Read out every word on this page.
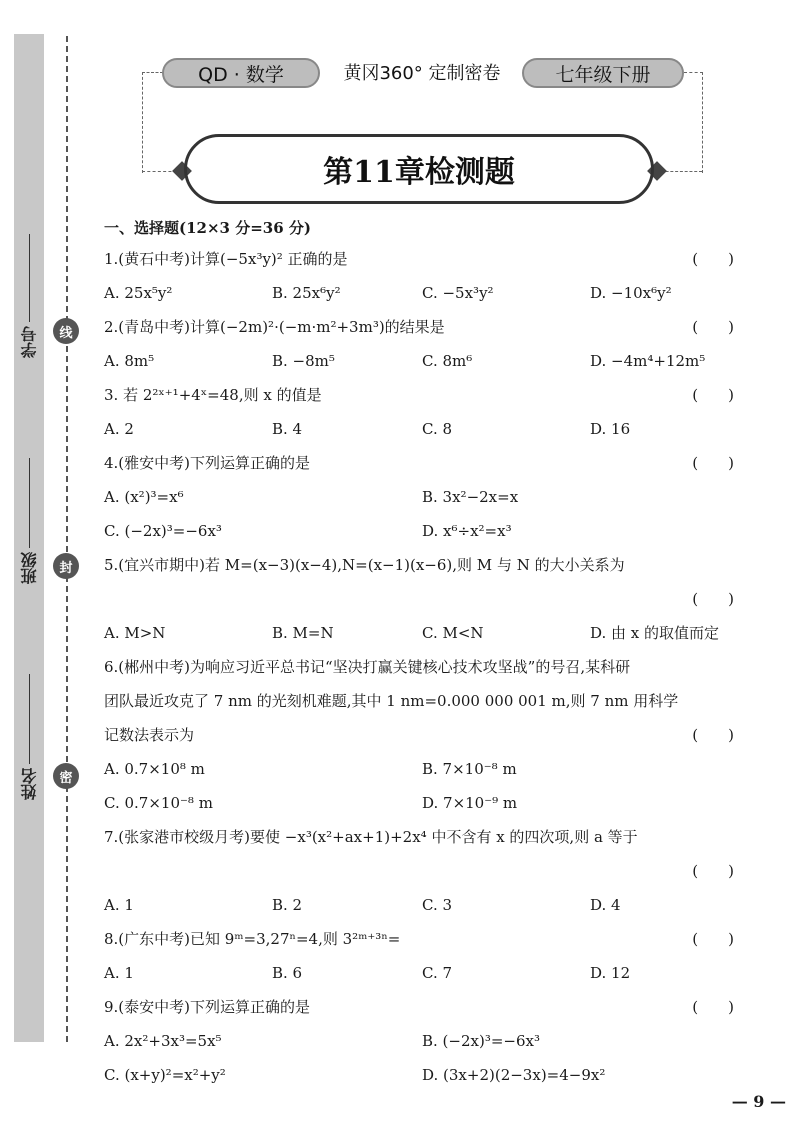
学号
班级
姓名
线
封
密
QD · 数学	黄冈360° 定制密卷	七年级下册
第11章检测题
一、选择题(12×3 分=36 分)
1.(黄石中考)计算(−5x³y)² 正确的是	(　　)
A. 25x⁵y²	B. 25x⁶y²	C. −5x³y²	D. −10x⁶y²
2.(青岛中考)计算(−2m)²·(−m·m²+3m³)的结果是	(　　)
A. 8m⁵	B. −8m⁵	C. 8m⁶	D. −4m⁴+12m⁵
3. 若 2²ˣ⁺¹+4ˣ=48,则 x 的值是	(　　)
A. 2	B. 4	C. 8	D. 16
4.(雅安中考)下列运算正确的是	(　　)
A. (x²)³=x⁶	B. 3x²−2x=x
C. (−2x)³=−6x³	D. x⁶÷x²=x³
5.(宜兴市期中)若 M=(x−3)(x−4),N=(x−1)(x−6),则 M 与 N 的大小关系为
(　　)
A. M>N	B. M=N	C. M<N	D. 由 x 的取值而定
6.(郴州中考)为响应习近平总书记“坚决打赢关键核心技术攻坚战”的号召,某科研
团队最近攻克了 7 nm 的光刻机难题,其中 1 nm=0.000 000 001 m,则 7 nm 用科学
记数法表示为	(　　)
A. 0.7×10⁸ m	B. 7×10⁻⁸ m
C. 0.7×10⁻⁸ m	D. 7×10⁻⁹ m
7.(张家港市校级月考)要使 −x³(x²+ax+1)+2x⁴ 中不含有 x 的四次项,则 a 等于
(　　)
A. 1	B. 2	C. 3	D. 4
8.(广东中考)已知 9ᵐ=3,27ⁿ=4,则 3²ᵐ⁺³ⁿ=	(　　)
A. 1	B. 6	C. 7	D. 12
9.(泰安中考)下列运算正确的是	(　　)
A. 2x²+3x³=5x⁵	B. (−2x)³=−6x³
C. (x+y)²=x²+y²	D. (3x+2)(2−3x)=4−9x²
— 9 —
